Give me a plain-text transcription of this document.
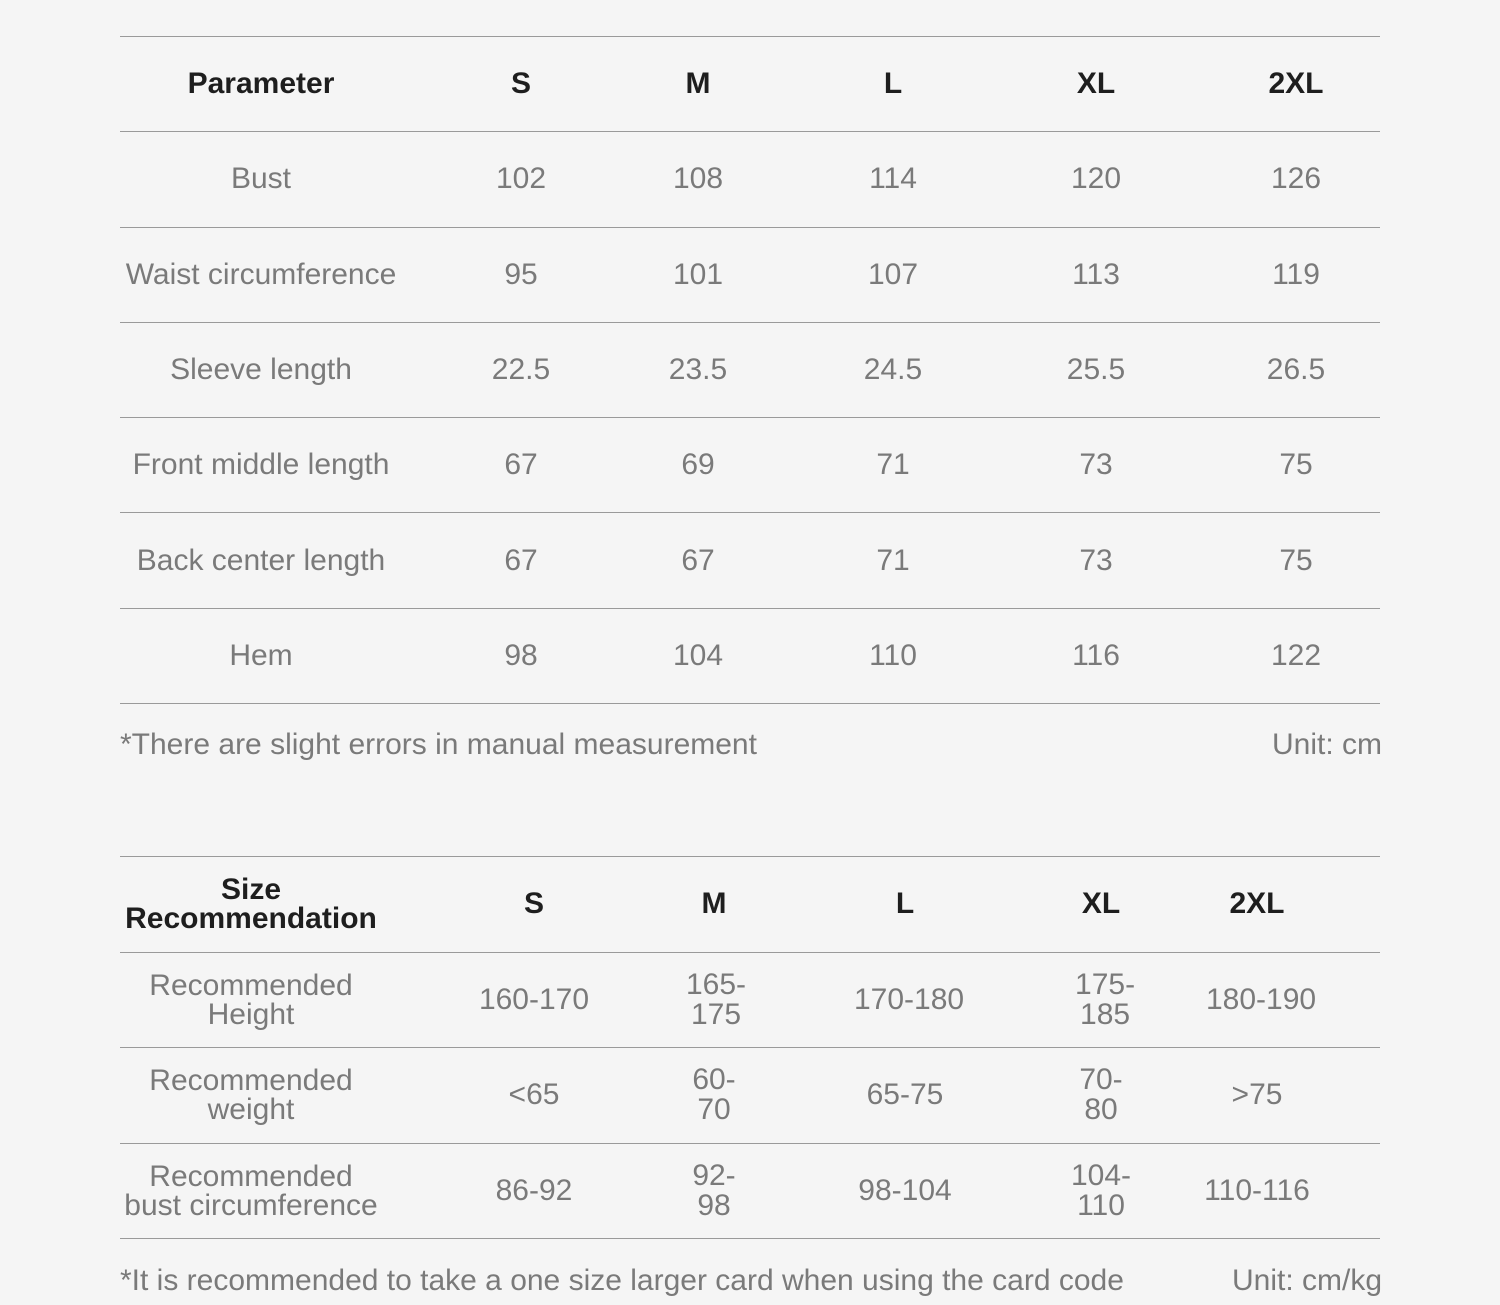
Parameter	S	M	L	XL	2XL
Bust	102	108	114	120	126
Waist circumference	95	101	107	113	119
Sleeve length	22.5	23.5	24.5	25.5	26.5
Front middle length	67	69	71	73	75
Back center length	67	67	71	73	75
Hem	98	104	110	116	122
*There are slight errors in manual measurement	Unit: cm
Size
Recommendation	S	M	L	XL	2XL
Recommended
Height	160-170	165-175	170-180	175-185	180-190
Recommended
weight	<65	60-70	65-75	70-80	>75
Recommended
bust circumference	86-92	92-98	98-104	104-110	110-116
*It is recommended to take a one size larger card when using the card code	Unit: cm/kg
